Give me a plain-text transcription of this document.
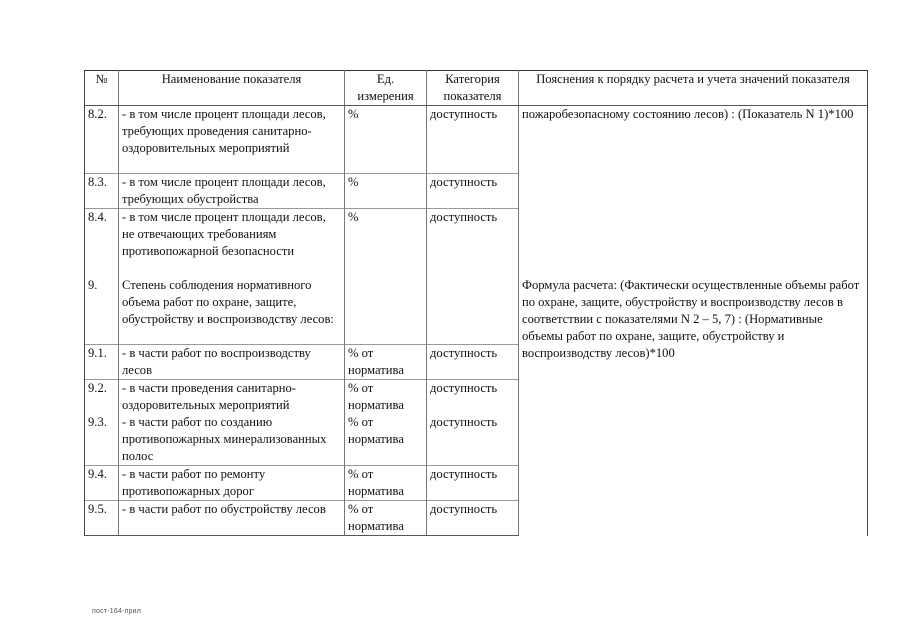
№	Наименование показателя	Ед. измерения	Категория показателя	Пояснения к порядку расчета и учета значений показателя
8.2.	- в том числе процент площади лесов, требующих проведения санитарно-оздоровительных мероприятий	%	доступность	пожаробезопасному состоянию лесов) : (Показатель N 1)*100
8.3.	- в том числе процент площади лесов, требующих обустройства	%	доступность	
8.4.	- в том числе процент площади лесов, не отвечающих требованиям противопожарной безопасности	%	доступность	
9.	Степень соблюдения нормативного объема работ по охране, защите, обустройству и воспроизводству лесов:			Формула расчета: (Фактически осуществленные объемы работ по охране, защите, обустройству и воспроизводству лесов в соответствии с показателями N 2 – 5, 7) : (Нормативные объемы работ по охране, защите, обустройству и воспроизводству лесов)*100
9.1.	- в части работ по воспроизводству лесов	% от норматива	доступность	
9.2.	- в части проведения санитарно-оздоровительных мероприятий	% от норматива	доступность	
9.3.	- в части работ по созданию противопожарных минерализованных полос	% от норматива	доступность	
9.4.	- в части работ по ремонту противопожарных дорог	% от норматива	доступность	
9.5.	- в части работ по обустройству лесов	% от норматива	доступность	
пост-164-прил
